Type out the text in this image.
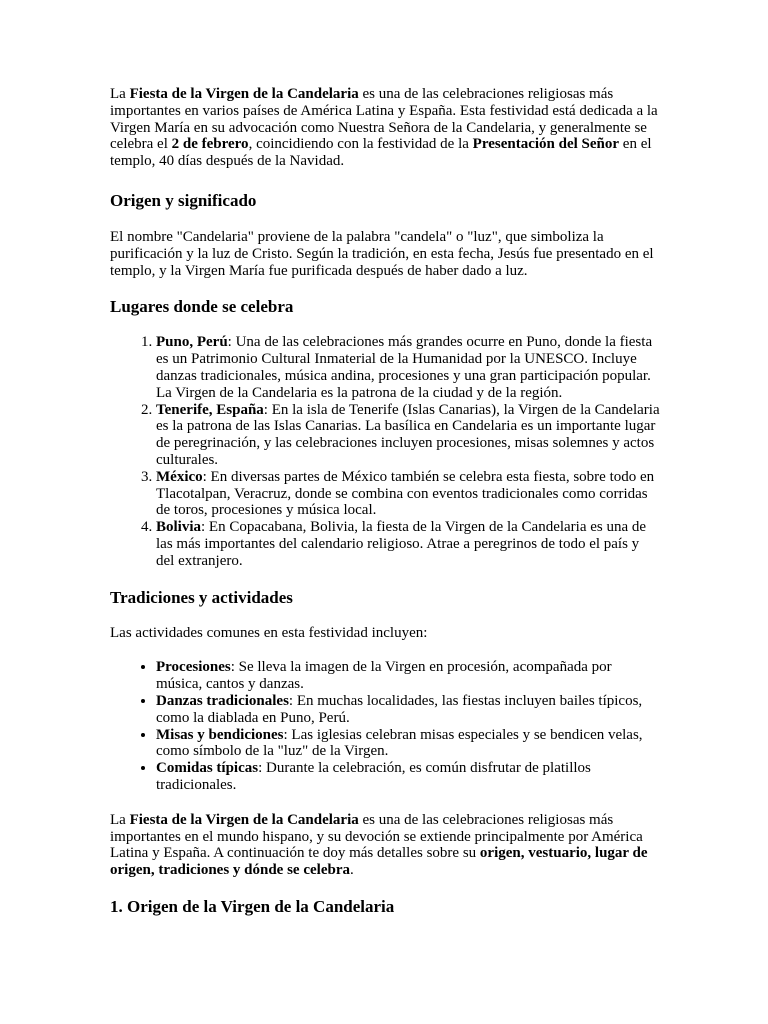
La Fiesta de la Virgen de la Candelaria es una de las celebraciones religiosas más importantes en varios países de América Latina y España. Esta festividad está dedicada a la Virgen María en su advocación como Nuestra Señora de la Candelaria, y generalmente se celebra el 2 de febrero, coincidiendo con la festividad de la Presentación del Señor en el templo, 40 días después de la Navidad.

Origen y significado

El nombre "Candelaria" proviene de la palabra "candela" o "luz", que simboliza la purificación y la luz de Cristo. Según la tradición, en esta fecha, Jesús fue presentado en el templo, y la Virgen María fue purificada después de haber dado a luz.

Lugares donde se celebra
1. Puno, Perú: Una de las celebraciones más grandes ocurre en Puno, donde la fiesta es un Patrimonio Cultural Inmaterial de la Humanidad por la UNESCO. Incluye danzas tradicionales, música andina, procesiones y una gran participación popular. La Virgen de la Candelaria es la patrona de la ciudad y de la región.
2. Tenerife, España: En la isla de Tenerife (Islas Canarias), la Virgen de la Candelaria es la patrona de las Islas Canarias. La basílica en Candelaria es un importante lugar de peregrinación, y las celebraciones incluyen procesiones, misas solemnes y actos culturales.
3. México: En diversas partes de México también se celebra esta fiesta, sobre todo en Tlacotalpan, Veracruz, donde se combina con eventos tradicionales como corridas de toros, procesiones y música local.
4. Bolivia: En Copacabana, Bolivia, la fiesta de la Virgen de la Candelaria es una de las más importantes del calendario religioso. Atrae a peregrinos de todo el país y del extranjero.
Tradiciones y actividades

Las actividades comunes en esta festividad incluyen:

• Procesiones: Se lleva la imagen de la Virgen en procesión, acompañada por música, cantos y danzas.
• Danzas tradicionales: En muchas localidades, las fiestas incluyen bailes típicos, como la diablada en Puno, Perú.
• Misas y bendiciones: Las iglesias celebran misas especiales y se bendicen velas, como símbolo de la "luz" de la Virgen.
• Comidas típicas: Durante la celebración, es común disfrutar de platillos tradicionales.

La Fiesta de la Virgen de la Candelaria es una de las celebraciones religiosas más importantes en el mundo hispano, y su devoción se extiende principalmente por América Latina y España. A continuación te doy más detalles sobre su origen, vestuario, lugar de origen, tradiciones y dónde se celebra.

1. Origen de la Virgen de la Candelaria
